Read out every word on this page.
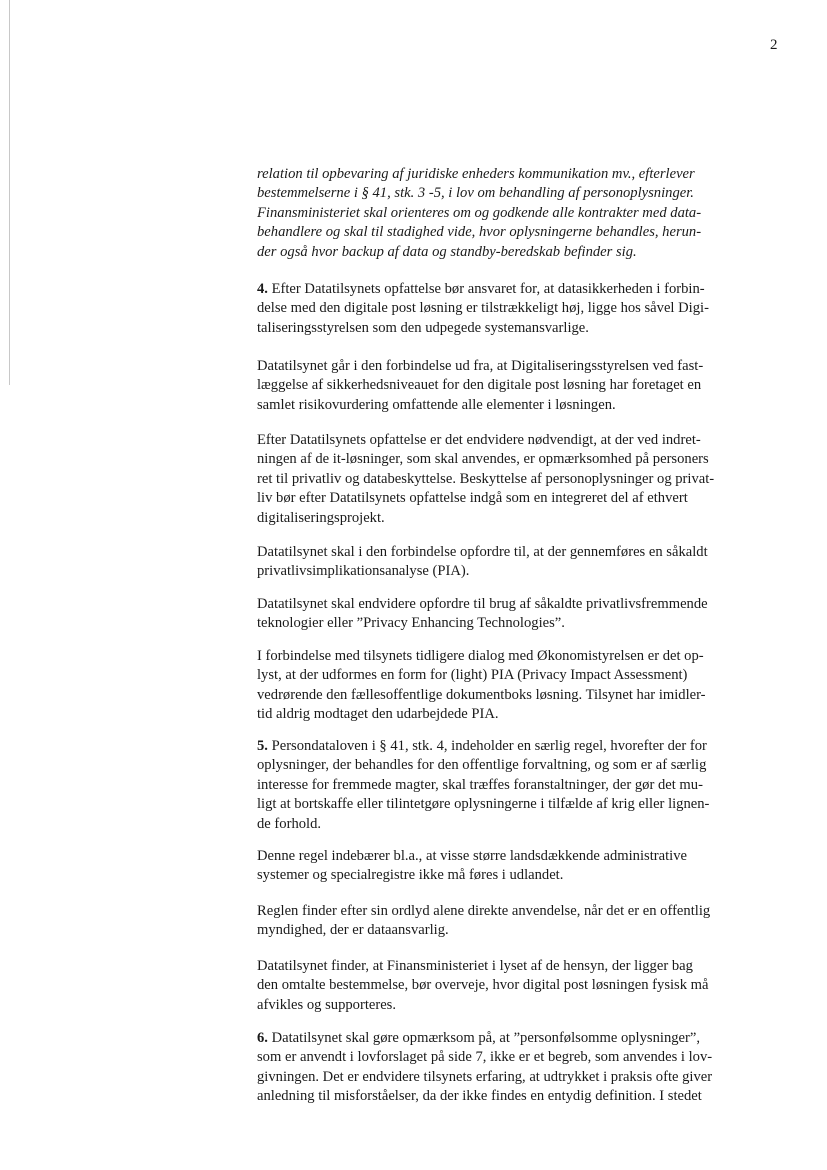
2

relation til opbevaring af juridiske enheders kommunikation mv., efterlever

bestemmelserne i § 41, stk. 3 -5, i lov om behandling af personoplysninger.

Finansministeriet skal orienteres om og godkende alle kontrakter med data-

behandlere og skal til stadighed vide, hvor oplysningerne behandles, herun-

der også hvor backup af data og standby-beredskab befinder sig.

4. Efter Datatilsynets opfattelse bør ansvaret for, at datasikkerheden i forbin-

delse med den digitale post løsning er tilstrækkeligt høj, ligge hos såvel Digi-

taliseringsstyrelsen som den udpegede systemansvarlige.

Datatilsynet går i den forbindelse ud fra, at Digitaliseringsstyrelsen ved fast-

læggelse af sikkerhedsniveauet for den digitale post løsning har foretaget en

samlet risikovurdering omfattende alle elementer i løsningen.

Efter Datatilsynets opfattelse er det endvidere nødvendigt, at der ved indret-

ningen af de it-løsninger, som skal anvendes, er opmærksomhed på personers

ret til privatliv og databeskyttelse. Beskyttelse af personoplysninger og privat-

liv bør efter Datatilsynets opfattelse indgå som en integreret del af ethvert

digitaliseringsprojekt.

Datatilsynet skal i den forbindelse opfordre til, at der gennemføres en såkaldt

privatlivsimplikationsanalyse (PIA).

Datatilsynet skal endvidere opfordre til brug af såkaldte privatlivsfremmende

teknologier eller ”Privacy Enhancing Technologies”.

I forbindelse med tilsynets tidligere dialog med Økonomistyrelsen er det op-

lyst, at der udformes en form for (light) PIA (Privacy Impact Assessment)

vedrørende den fællesoffentlige dokumentboks løsning. Tilsynet har imidler-

tid aldrig modtaget den udarbejdede PIA.

5. Persondataloven i § 41, stk. 4, indeholder en særlig regel, hvorefter der for

oplysninger, der behandles for den offentlige forvaltning, og som er af særlig

interesse for fremmede magter, skal træffes foranstaltninger, der gør det mu-

ligt at bortskaffe eller tilintetgøre oplysningerne i tilfælde af krig eller lignen-

de forhold.

Denne regel indebærer bl.a., at visse større landsdækkende administrative

systemer og specialregistre ikke må føres i udlandet.

Reglen finder efter sin ordlyd alene direkte anvendelse, når det er en offentlig

myndighed, der er dataansvarlig.

Datatilsynet finder, at Finansministeriet i lyset af de hensyn, der ligger bag

den omtalte bestemmelse, bør overveje, hvor digital post løsningen fysisk må

afvikles og supporteres.

6. Datatilsynet skal gøre opmærksom på, at ”personfølsomme oplysninger”,

som er anvendt i lovforslaget på side 7, ikke er et begreb, som anvendes i lov-

givningen. Det er endvidere tilsynets erfaring, at udtrykket i praksis ofte giver

anledning til misforståelser, da der ikke findes en entydig definition. I stedet
